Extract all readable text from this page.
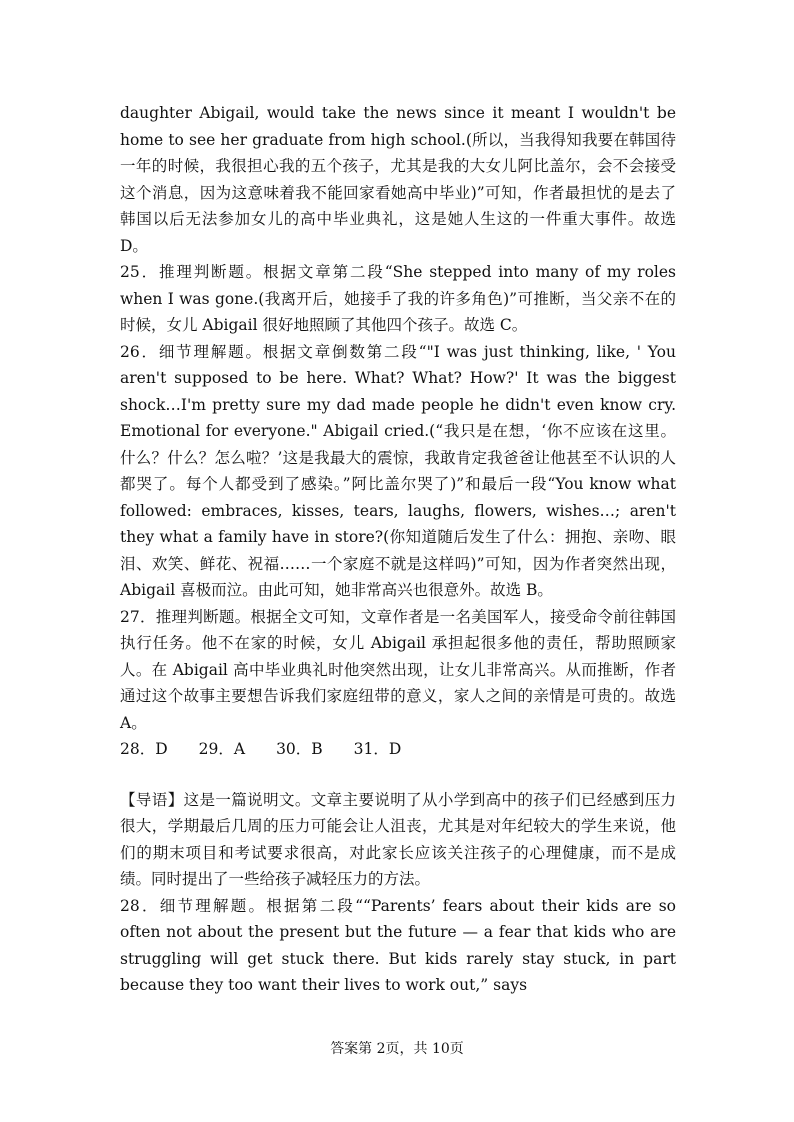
daughter Abigail, would take the news since it meant I wouldn't be home to see her graduate from high school.(所以，当我得知我要在韩国待一年的时候，我很担心我的五个孩子，尤其是我的大女儿阿比盖尔，会不会接受这个消息，因为这意味着我不能回家看她高中毕业)”可知，作者最担忧的是去了韩国以后无法参加女儿的高中毕业典礼，这是她人生这的一件重大事件。故选 D。

25．推理判断题。根据文章第二段“She stepped into many of my roles when I was gone.(我离开后，她接手了我的许多角色)”可推断，当父亲不在的时候，女儿 Abigail 很好地照顾了其他四个孩子。故选 C。

26．细节理解题。根据文章倒数第二段“"I was just thinking, like, ' You aren't supposed to be here. What? What? How?' It was the biggest shock…I'm pretty sure my dad made people he didn't even know cry. Emotional for everyone." Abigail cried.(“我只是在想，‘你不应该在这里。什么？什么？怎么啦？’这是我最大的震惊，我敢肯定我爸爸让他甚至不认识的人都哭了。每个人都受到了感染。”阿比盖尔哭了)”和最后一段“You know what followed: embraces, kisses, tears, laughs, flowers, wishes…; aren't they what a family have in store?(你知道随后发生了什么：拥抱、亲吻、眼泪、欢笑、鲜花、祝福……一个家庭不就是这样吗)”可知，因为作者突然出现，Abigail 喜极而泣。由此可知，她非常高兴也很意外。故选 B。

27．推理判断题。根据全文可知，文章作者是一名美国军人，接受命令前往韩国执行任务。他不在家的时候，女儿 Abigail 承担起很多他的责任，帮助照顾家人。在 Abigail 高中毕业典礼时他突然出现，让女儿非常高兴。从而推断，作者通过这个故事主要想告诉我们家庭纽带的意义，家人之间的亲情是可贵的。故选 A。

28．D　　29．A　　30．B　　31．D

【导语】这是一篇说明文。文章主要说明了从小学到高中的孩子们已经感到压力很大，学期最后几周的压力可能会让人沮丧，尤其是对年纪较大的学生来说，他们的期末项目和考试要求很高，对此家长应该关注孩子的心理健康，而不是成绩。同时提出了一些给孩子减轻压力的方法。

28．细节理解题。根据第二段““Parents’ fears about their kids are so often not about the present but the future — a fear that kids who are struggling will get stuck there. But kids rarely stay stuck, in part because they too want their lives to work out,” says

答案第 2页，共 10页
